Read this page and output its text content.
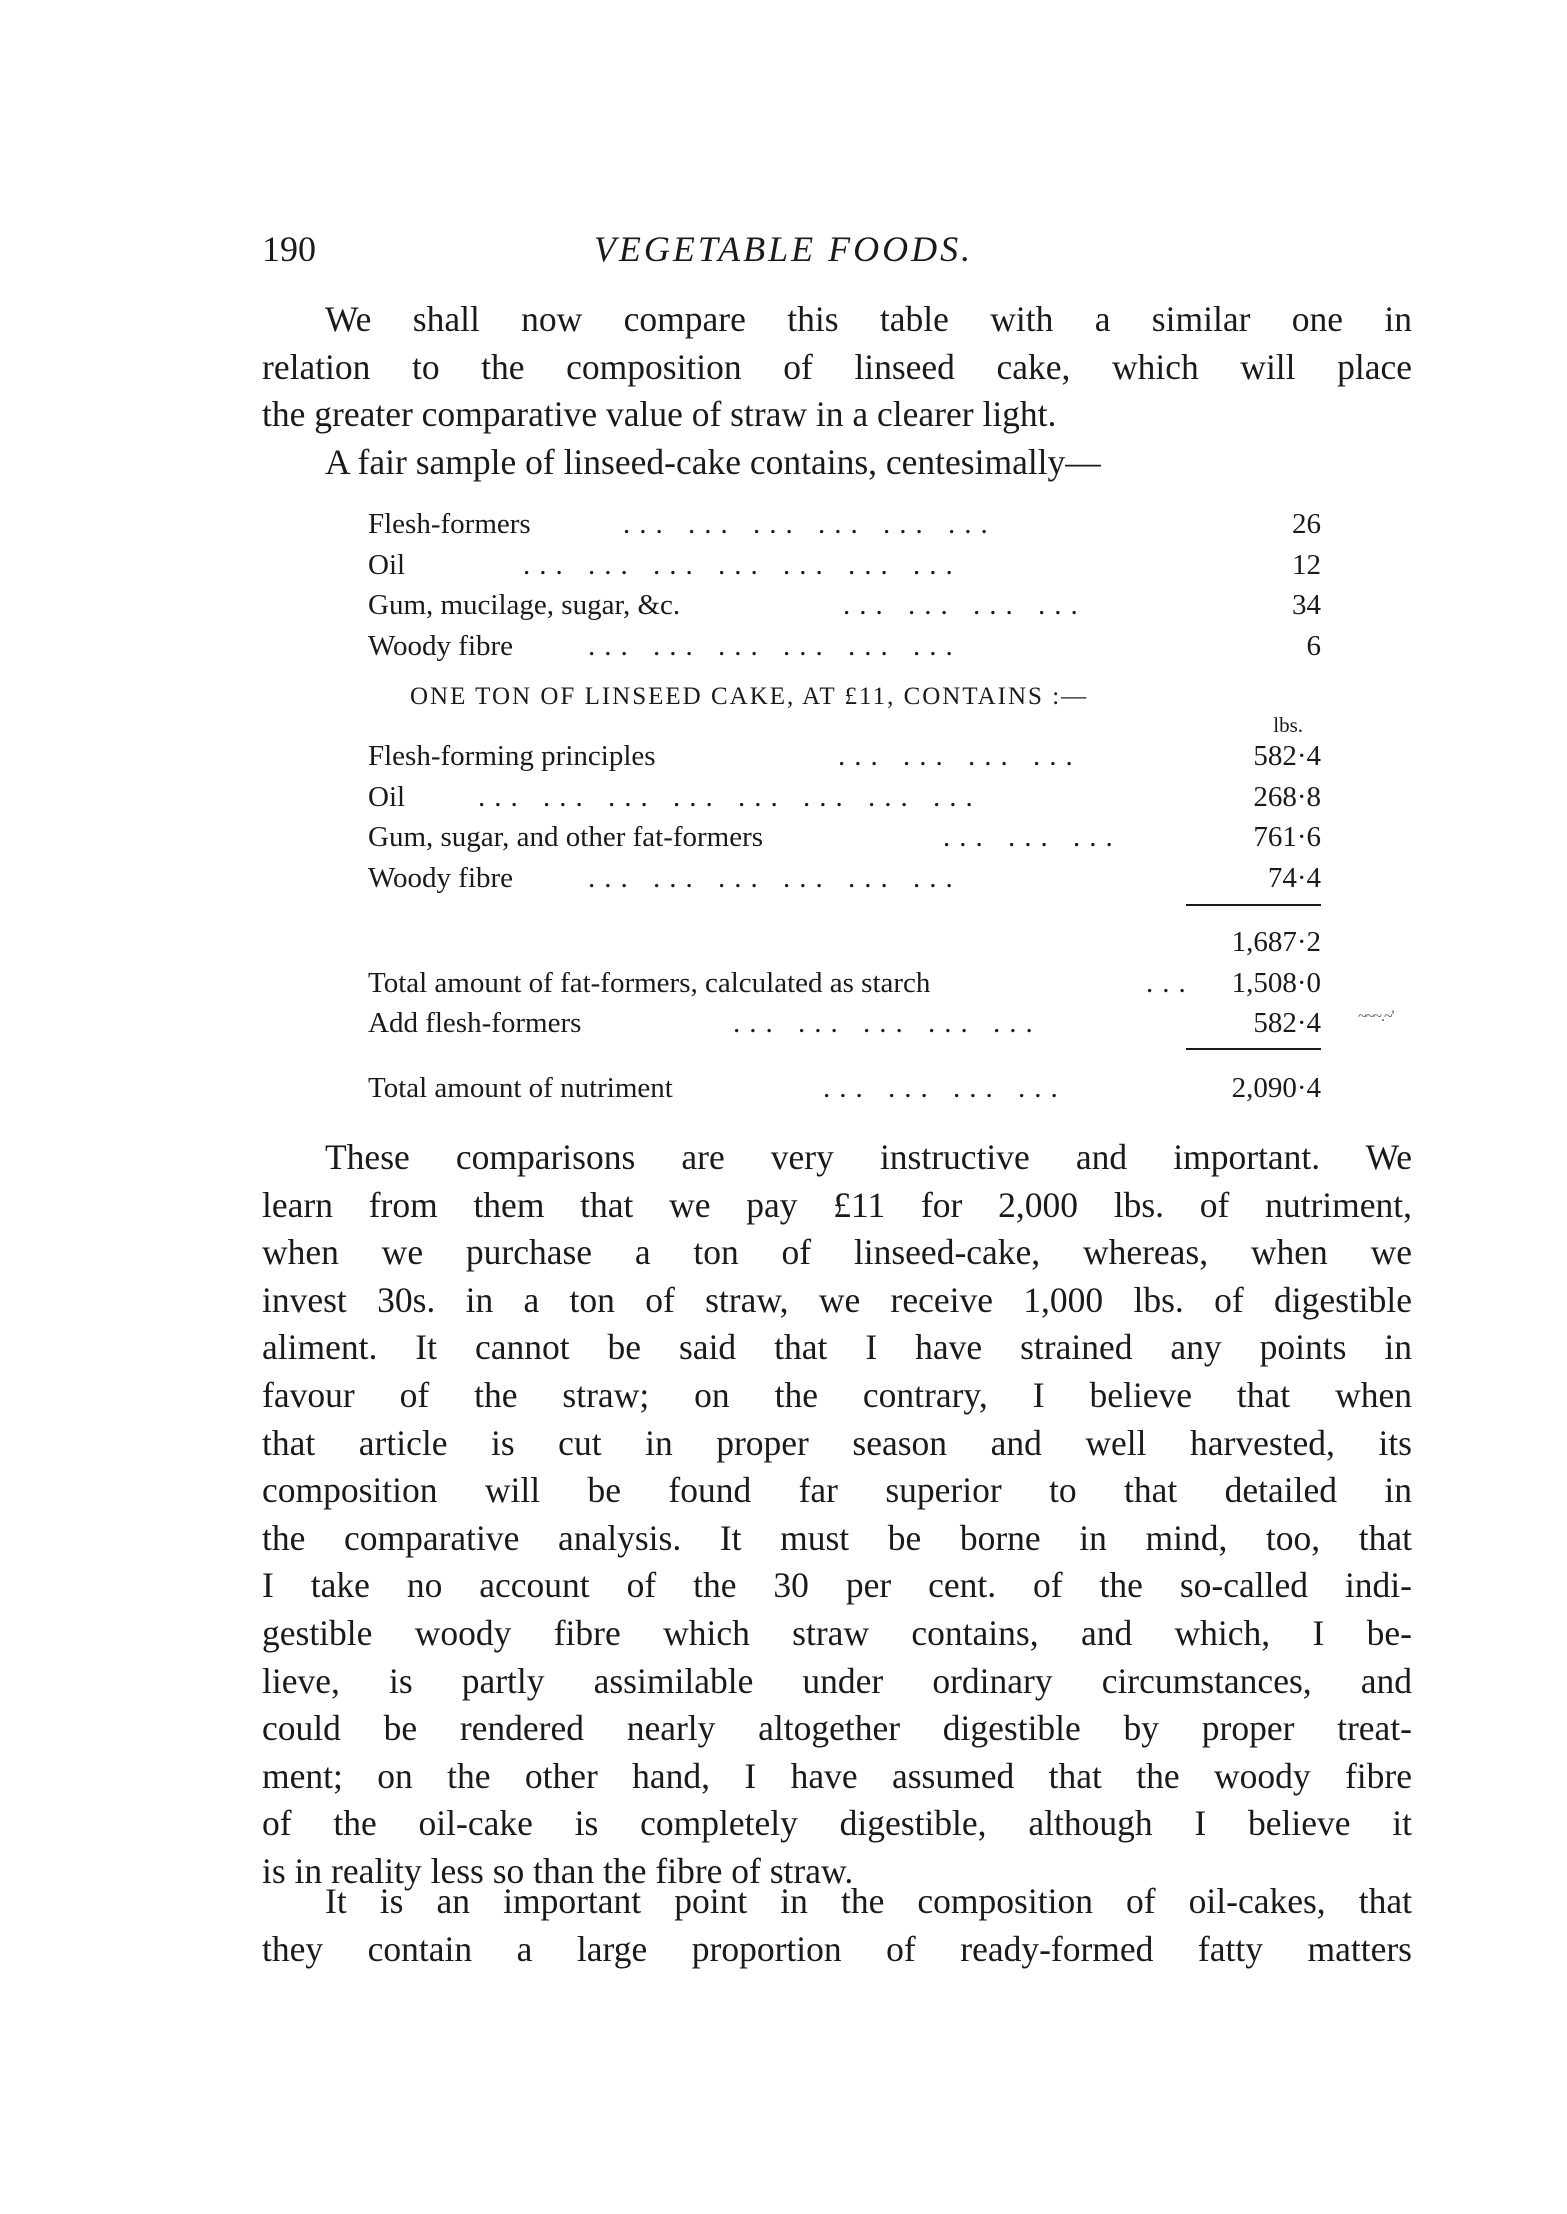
190	VEGETABLE FOODS.
We shall now compare this table with a similar one in
relation to the composition of linseed cake, which will place
the greater comparative value of straw in a clearer light.
A fair sample of linseed-cake contains, centesimally—
Flesh-formers	... ... ... ... ... ...	26
Oil	... ... ... ... ... ... ...	12
Gum, mucilage, sugar, &c.	... ... ... ...	34
Woody fibre	... ... ... ... ... ...	6
ONE TON OF LINSEED CAKE, AT £11, CONTAINS :—
lbs.
Flesh-forming principles	... ... ... ...	582·4
Oil	... ... ... ... ... ... ... ...	268·8
Gum, sugar, and other fat-formers	... ... ...	761·6
Woody fibre	... ... ... ... ... ...	74·4
1,687·2
Total amount of fat-formers, calculated as starch	... 1,508·0
Add flesh-formers	... ... ... ... ...	582·4
Total amount of nutriment	... ... ... ...	2,090·4
~~~.~'
These comparisons are very instructive and important. We
learn from them that we pay £11 for 2,000 lbs. of nutriment,
when we purchase a ton of linseed-cake, whereas, when we
invest 30s. in a ton of straw, we receive 1,000 lbs. of digestible
aliment. It cannot be said that I have strained any points in
favour of the straw; on the contrary, I believe that when
that article is cut in proper season and well harvested, its
composition will be found far superior to that detailed in
the comparative analysis. It must be borne in mind, too, that
I take no account of the 30 per cent. of the so-called indi-
gestible woody fibre which straw contains, and which, I be-
lieve, is partly assimilable under ordinary circumstances, and
could be rendered nearly altogether digestible by proper treat-
ment; on the other hand, I have assumed that the woody fibre
of the oil-cake is completely digestible, although I believe it
is in reality less so than the fibre of straw.
It is an important point in the composition of oil-cakes, that
they contain a large proportion of ready-formed fatty matters
